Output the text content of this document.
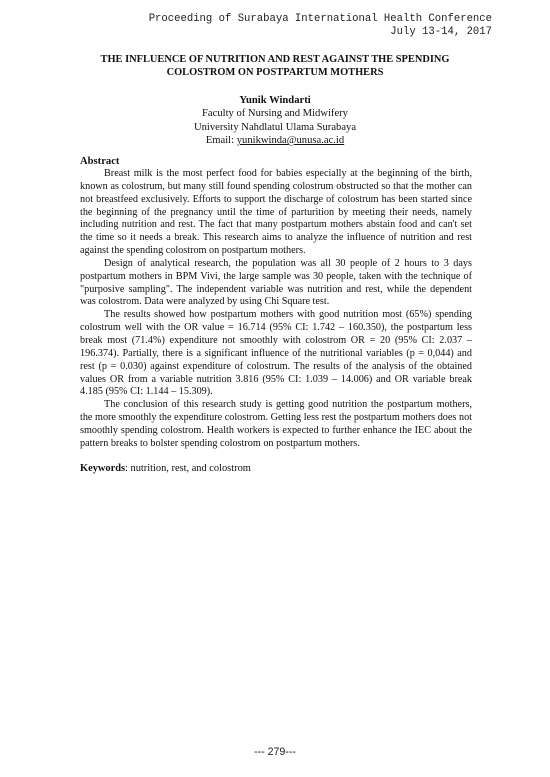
Proceeding of Surabaya International Health Conference
July 13-14, 2017
THE INFLUENCE OF NUTRITION AND REST AGAINST THE SPENDING
COLOSTROM ON POSTPARTUM MOTHERS
Yunik Windarti
Faculty of Nursing and Midwifery
University Nahdlatul Ulama Surabaya
Email: yunikwinda@unusa.ac.id
Abstract

Breast milk is the most perfect food for babies especially at the beginning of the birth, known as colostrum, but many still found spending colostrum obstructed so that the mother can not breastfeed exclusively. Efforts to support the discharge of colostrum has been started since the beginning of the pregnancy until the time of parturition by meeting their needs, namely including nutrition and rest. The fact that many postpartum mothers abstain food and can't set the time so it needs a break. This research aims to analyze the influence of nutrition and rest against the spending colostrom on postpartum mothers.

Design of analytical research, the population was all 30 people of 2 hours to 3 days postpartum mothers in BPM Vivi, the large sample was 30 people, taken with the technique of "purposive sampling". The independent variable was nutrition and rest, while the dependent was colostrom. Data were analyzed by using Chi Square test.

The results showed how postpartum mothers with good nutrition most (65%) spending colostrum well with the OR value = 16.714 (95% CI: 1.742 – 160.350), the postpartum less break most (71.4%) expenditure not smoothly with colostrom OR = 20 (95% CI: 2.037 – 196.374). Partially, there is a significant influence of the nutritional variables (p = 0,044) and rest (p = 0.030) against expenditure of colostrum. The results of the analysis of the obtained values OR from a variable nutrition 3.816 (95% CI: 1.039 – 14.006) and OR variable break 4.185 (95% CI: 1.144 – 15.309).

The conclusion of this research study is getting good nutrition the postpartum mothers, the more smoothly the expenditure colostrom. Getting less rest the postpartum mothers does not smoothly spending colostrom. Health workers is expected to further enhance the IEC about the pattern breaks to bolster spending colostrom on postpartum mothers.

Keywords: nutrition, rest, and colostrom
--- 279---
